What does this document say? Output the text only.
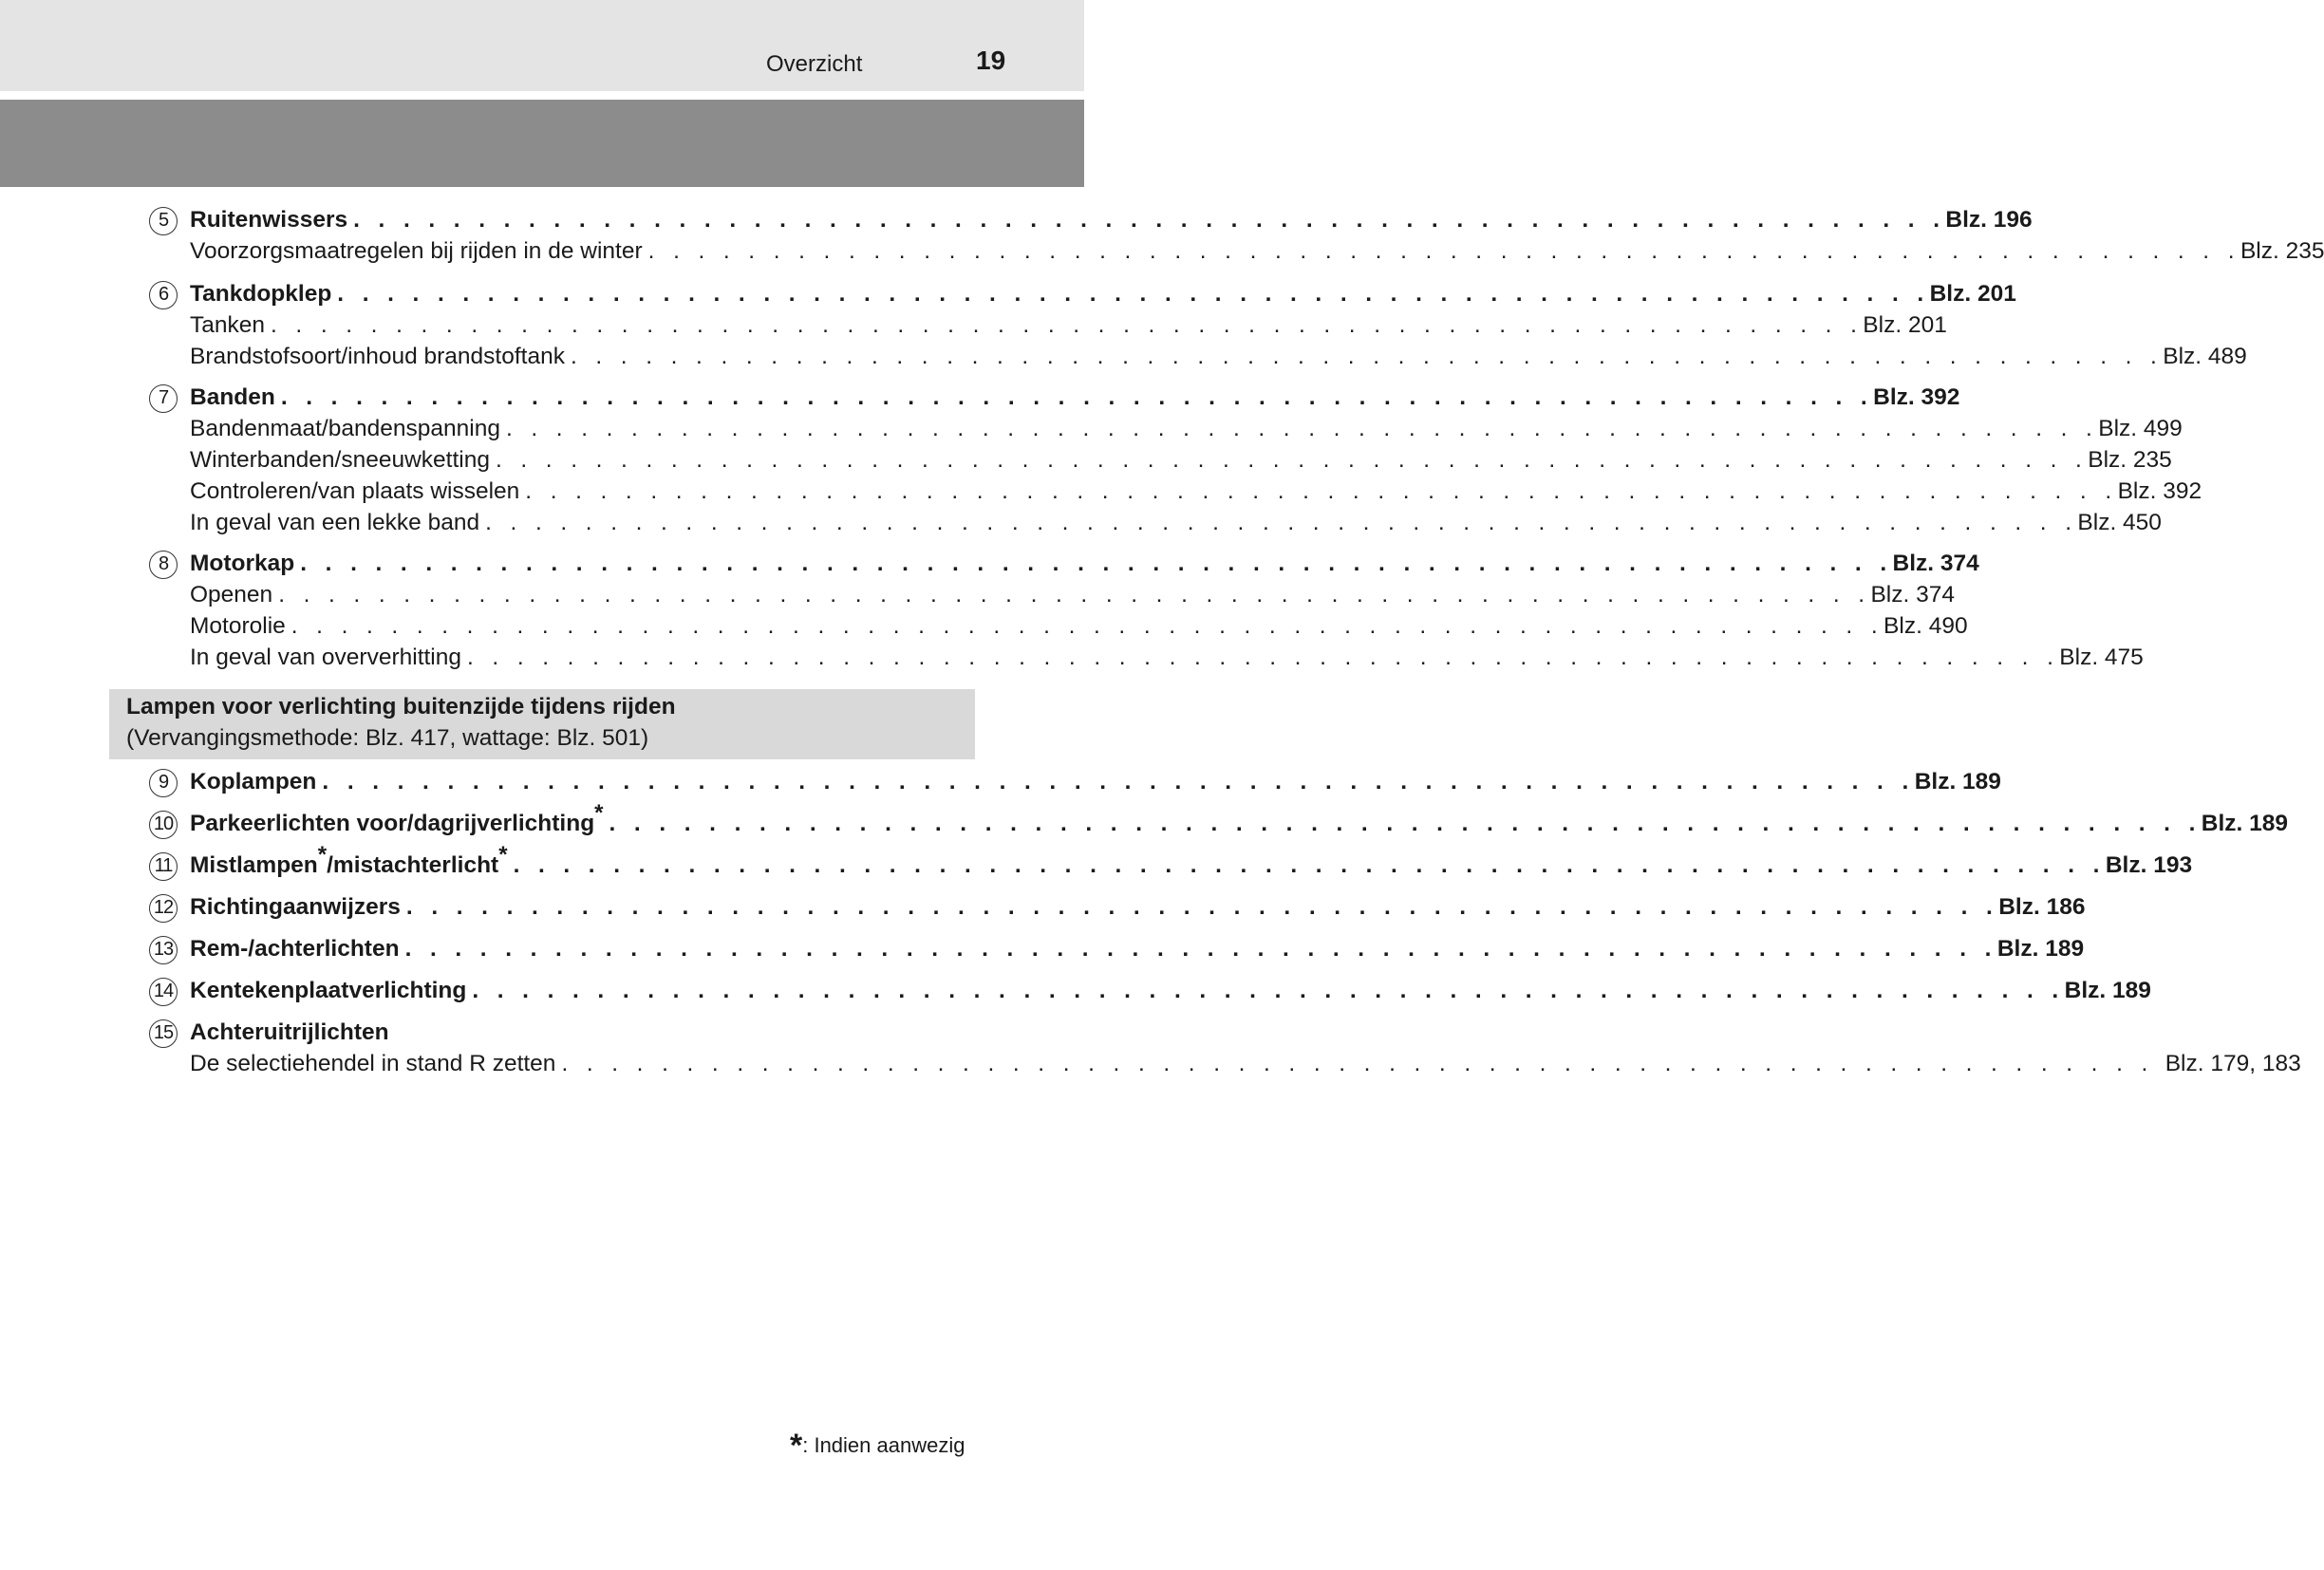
Overzicht	19
5 Ruitenwissers . . . . . . . . . . . . . . . . . . . . . . . . . . . . . . . . . . . . . . . . . . . . . . . . . . . . . . . . . . . . . . . . Blz. 196
Voorzorgsmaatregelen bij rijden in de winter . . . . . . . . . . . . . . . . . . . . . . . . . . . . . . . . . . . . . . . . . . . . . . . . . . . . . . . . . . . . . . . . Blz. 235
6 Tankdopklep . . . . . . . . . . . . . . . . . . . . . . . . . . . . . . . . . . . . . . . . . . . . . . . . . . . . . . . . . . . . . . . . Blz. 201
Tanken . . . . . . . . . . . . . . . . . . . . . . . . . . . . . . . . . . . . . . . . . . . . . . . . . . . . . . . . . . . . . . . . Blz. 201
Brandstofsoort/inhoud brandstoftank . . . . . . . . . . . . . . . . . . . . . . . . . . . . . . . . . . . . . . . . . . . . . . . . . . . . . . . . . . . . . . . . Blz. 489
7 Banden . . . . . . . . . . . . . . . . . . . . . . . . . . . . . . . . . . . . . . . . . . . . . . . . . . . . . . . . . . . . . . . . Blz. 392
Bandenmaat/bandenspanning . . . . . . . . . . . . . . . . . . . . . . . . . . . . . . . . . . . . . . . . . . . . . . . . . . . . . . . . . . . . . . . . Blz. 499
Winterbanden/sneeuwketting . . . . . . . . . . . . . . . . . . . . . . . . . . . . . . . . . . . . . . . . . . . . . . . . . . . . . . . . . . . . . . . . Blz. 235
Controleren/van plaats wisselen . . . . . . . . . . . . . . . . . . . . . . . . . . . . . . . . . . . . . . . . . . . . . . . . . . . . . . . . . . . . . . . . Blz. 392
In geval van een lekke band . . . . . . . . . . . . . . . . . . . . . . . . . . . . . . . . . . . . . . . . . . . . . . . . . . . . . . . . . . . . . . . . Blz. 450
8 Motorkap . . . . . . . . . . . . . . . . . . . . . . . . . . . . . . . . . . . . . . . . . . . . . . . . . . . . . . . . . . . . . . . . Blz. 374
Openen . . . . . . . . . . . . . . . . . . . . . . . . . . . . . . . . . . . . . . . . . . . . . . . . . . . . . . . . . . . . . . . . Blz. 374
Motorolie . . . . . . . . . . . . . . . . . . . . . . . . . . . . . . . . . . . . . . . . . . . . . . . . . . . . . . . . . . . . . . . . Blz. 490
In geval van oververhitting . . . . . . . . . . . . . . . . . . . . . . . . . . . . . . . . . . . . . . . . . . . . . . . . . . . . . . . . . . . . . . . . Blz. 475
Lampen voor verlichting buitenzijde tijdens rijden
(Vervangingsmethode: Blz. 417, wattage: Blz. 501)
9 Koplampen . . . . . . . . . . . . . . . . . . . . . . . . . . . . . . . . . . . . . . . . . . . . . . . . . . . . . . . . . . . . . . . . Blz. 189
10 Parkeerlichten voor/dagrijverlichting* . . . . . . . . . . . . . . . . . . . . . . . . . . . . . . . . . . . . . . . . . . . . . . . . . . . . . . . . . . . . . . . . Blz. 189
11 Mistlampen*/mistachterlicht* . . . . . . . . . . . . . . . . . . . . . . . . . . . . . . . . . . . . . . . . . . . . . . . . . . . . . . . . . . . . . . . . Blz. 193
12 Richtingaanwijzers . . . . . . . . . . . . . . . . . . . . . . . . . . . . . . . . . . . . . . . . . . . . . . . . . . . . . . . . . . . . . . . . Blz. 186
13 Rem-/achterlichten . . . . . . . . . . . . . . . . . . . . . . . . . . . . . . . . . . . . . . . . . . . . . . . . . . . . . . . . . . . . . . . . Blz. 189
14 Kentekenplaatverlichting . . . . . . . . . . . . . . . . . . . . . . . . . . . . . . . . . . . . . . . . . . . . . . . . . . . . . . . . . . . . . . . . Blz. 189
15 Achteruitrijlichten
De selectiehendel in stand R zetten . . . . . . . . . . . . . . . . . . . . . . . . . . . . . . . . . . . . . . . . . . . . . . . . . . . . . . . . . . . . . . . . Blz. 179, 183
*: Indien aanwezig
